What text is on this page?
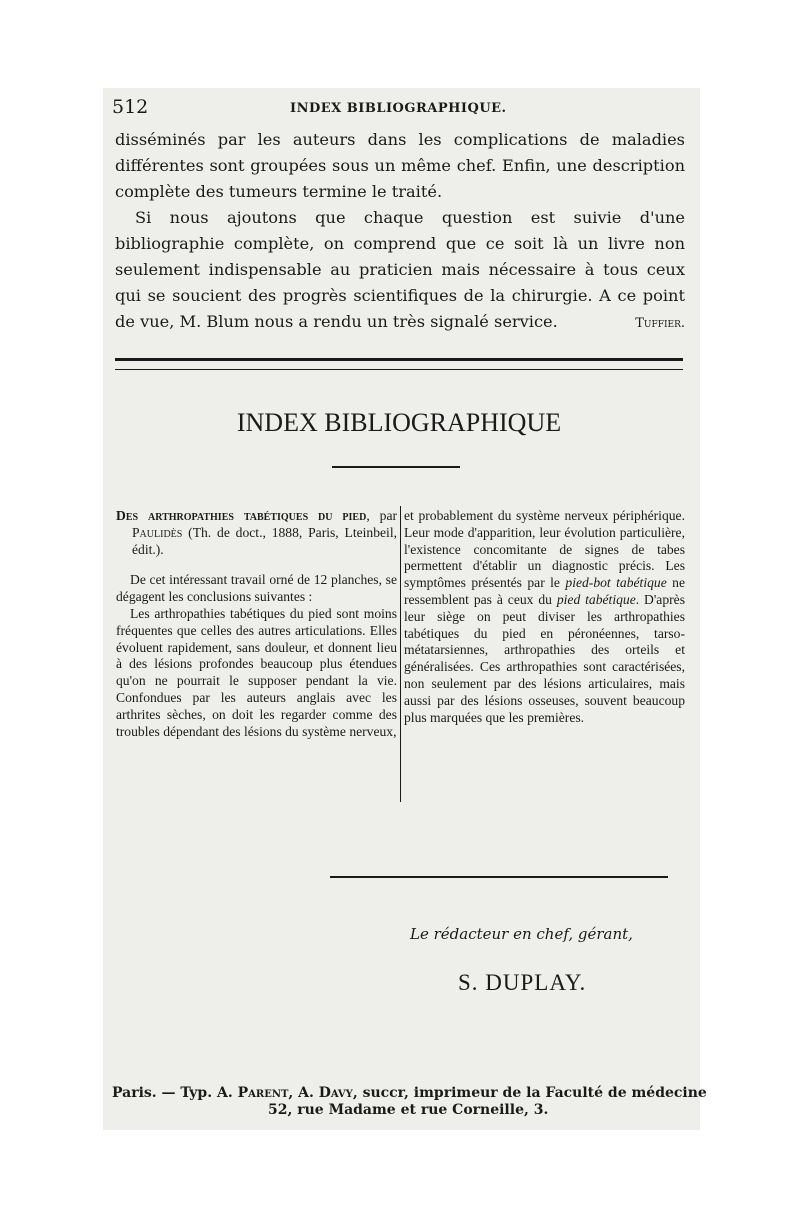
512	INDEX BIBLIOGRAPHIQUE.

disséminés par les auteurs dans les complications de maladies différentes sont groupées sous un même chef. Enfin, une description complète des tumeurs termine le traité.

Si nous ajoutons que chaque question est suivie d'une bibliographie complète, on comprend que ce soit là un livre non seulement indispensable au praticien mais nécessaire à tous ceux qui se soucient des progrès scientifiques de la chirurgie. A ce point de vue, M. Blum nous a rendu un très signalé service.	Tuffier.

INDEX BIBLIOGRAPHIQUE

Des arthropathies tabétiques du pied, par Paulidès (Th. de doct., 1888, Paris, Lteinbeil, édit.).

De cet intéressant travail orné de 12 planches, se dégagent les conclusions suivantes :

Les arthropathies tabétiques du pied sont moins fréquentes que celles des autres articulations. Elles évoluent rapidement, sans douleur, et donnent lieu à des lésions profondes beaucoup plus étendues qu'on ne pourrait le supposer pendant la vie. Confondues par les auteurs anglais avec les arthrites sèches, on doit les regarder comme des troubles dépendant des lésions du système nerveux,

et probablement du système nerveux périphérique. Leur mode d'apparition, leur évolution particulière, l'existence concomitante de signes de tabes permettent d'établir un diagnostic précis. Les symptômes présentés par le pied-bot tabétique ne ressemblent pas à ceux du pied tabétique. D'après leur siège on peut diviser les arthropathies tabétiques du pied en péronéennes, tarso-métatarsiennes, arthropathies des orteils et généralisées. Ces arthropathies sont caractérisées, non seulement par des lésions articulaires, mais aussi par des lésions osseuses, souvent beaucoup plus marquées que les premières.

Le rédacteur en chef, gérant,
S. DUPLAY.
Paris. — Typ. A. Parent, A. Davy, succr, imprimeur de la Faculté de médecine
52, rue Madame et rue Corneille, 3.
